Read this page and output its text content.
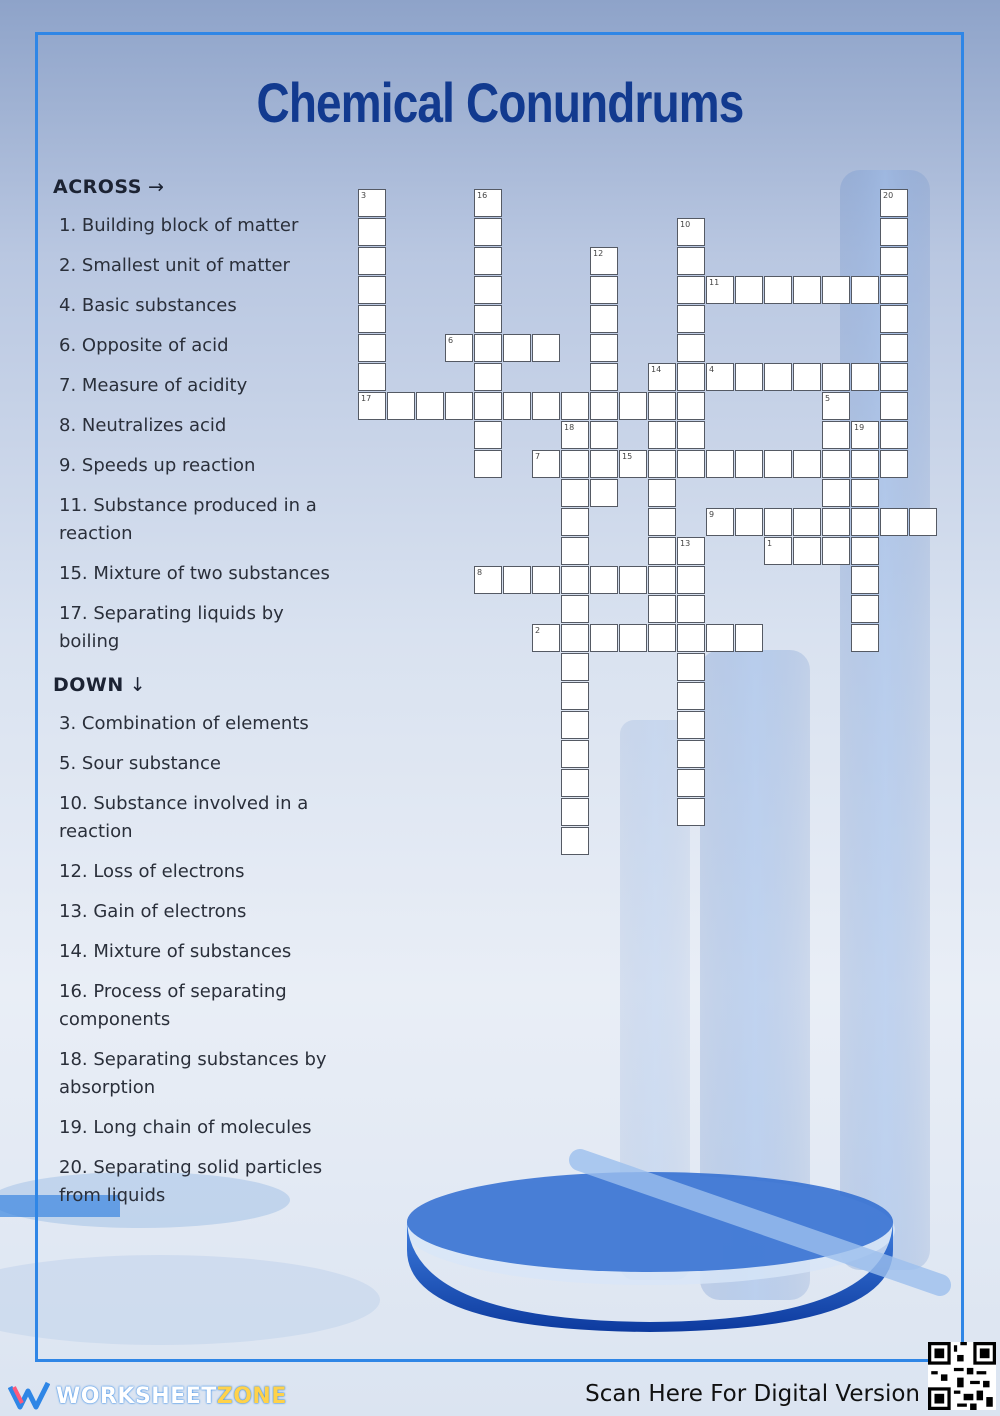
Chemical Conundrums
ACROSS →
1. Building block of matter
2. Smallest unit of matter
4. Basic substances
6. Opposite of acid
7. Measure of acidity
8. Neutralizes acid
9. Speeds up reaction
11. Substance produced in a reaction
15. Mixture of two substances
17. Separating liquids by boiling
DOWN ↓
3. Combination of elements
5. Sour substance
10. Substance involved in a reaction
12. Loss of electrons
13. Gain of electrons
14. Mixture of substances
16. Process of separating components
18. Separating substances by absorption
19. Long chain of molecules
20. Separating solid particles from liquids
3	16	20
10
12
11
6
14	4
17	5
18	19
7	15
9
13	1
8
2
WORKSHEETZONE	Scan Here For Digital Version
